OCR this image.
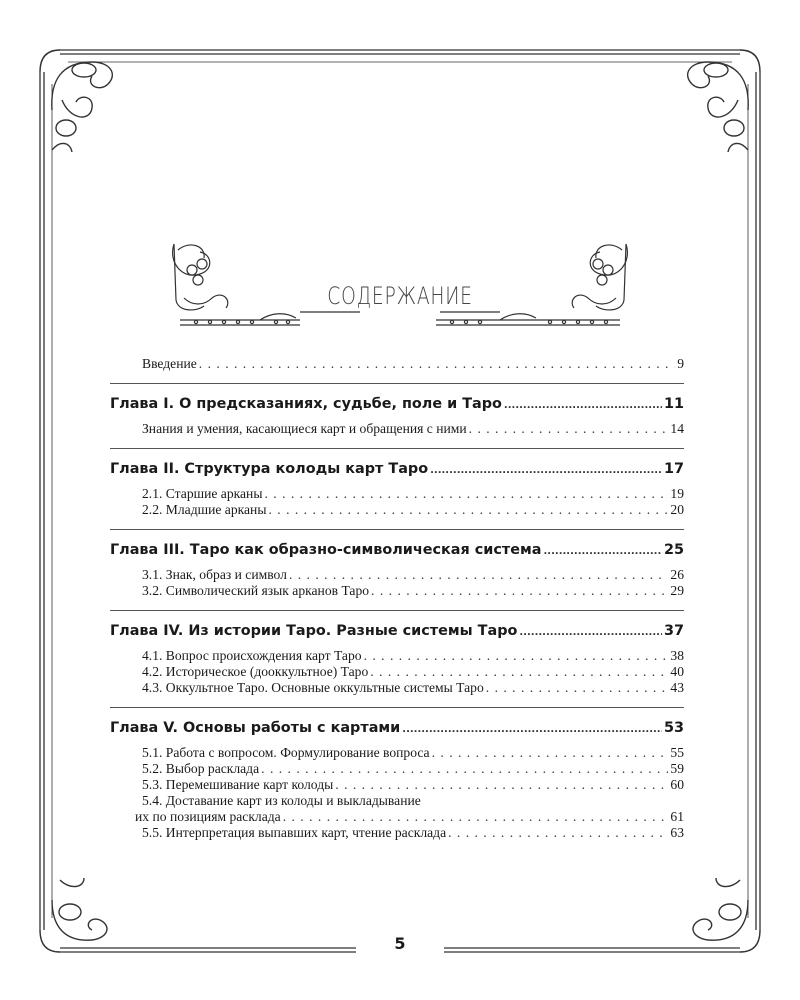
СОДЕРЖАНИЕ
Введение . . .	9
Глава I. О предсказаниях, судьбе, поле и Таро .....	11
Знания и умения, касающиеся карт и обращения с ними . . .	14
Глава II. Структура колоды карт Таро .....	17
2.1. Старшие арканы . . .	19
2.2. Младшие арканы . . .	20
Глава III. Таро как образно-символическая система .....	25
3.1. Знак, образ и символ . . .	26
3.2. Символический язык арканов Таро . . .	29
Глава IV. Из истории Таро. Разные системы Таро .....	37
4.1. Вопрос происхождения карт Таро . . .	38
4.2. Историческое (дооккультное) Таро . . .	40
4.3. Оккультное Таро. Основные оккультные системы Таро . . .	43
Глава V. Основы работы с картами .....	53
5.1. Работа с вопросом. Формулирование вопроса . . .	55
5.2. Выбор расклада . . .	59
5.3. Перемешивание карт колоды . . .	60
5.4. Доставание карт из колоды и выкладывание
их по позициям расклада . . .	61
5.5. Интерпретация выпавших карт, чтение расклада . . .	63
5
